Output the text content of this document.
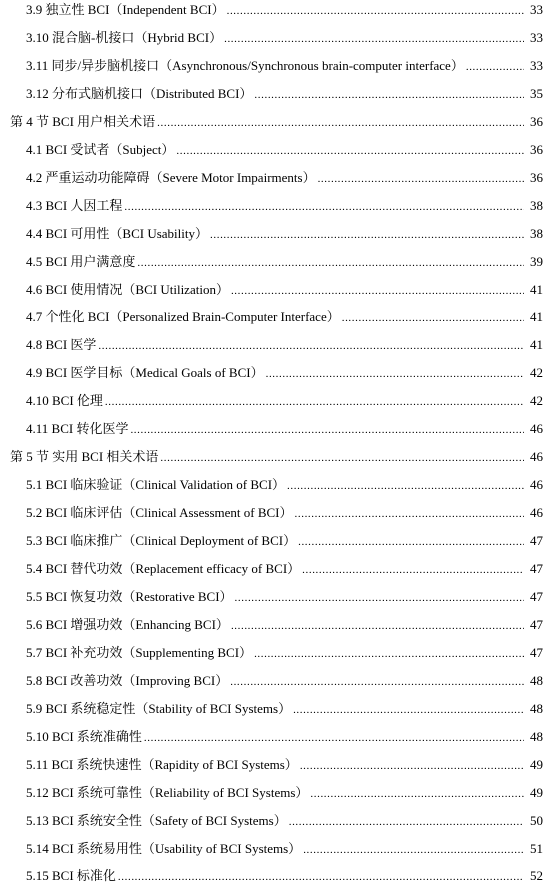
3.9 独立性 BCI（Independent BCI） .....	33
3.10 混合脑-机接口（Hybrid BCI） .....	33
3.11 同步/异步脑机接口（Asynchronous/Synchronous brain-computer interface） .....	33
3.12 分布式脑机接口（Distributed BCI） .....	35
第 4 节 BCI 用户相关术语 .....	36
4.1 BCI 受试者（Subject） .....	36
4.2 严重运动功能障碍（Severe Motor Impairments） .....	36
4.3 BCI 人因工程 .....	38
4.4 BCI 可用性（BCI Usability） .....	38
4.5 BCI 用户满意度 .....	39
4.6 BCI 使用情况（BCI Utilization） .....	41
4.7 个性化 BCI（Personalized Brain-Computer Interface） .....	41
4.8 BCI 医学 .....	41
4.9 BCI 医学目标（Medical Goals of BCI） .....	42
4.10 BCI 伦理 .....	42
4.11 BCI 转化医学 .....	46
第 5 节 实用 BCI 相关术语 .....	46
5.1 BCI 临床验证（Clinical Validation of BCI） .....	46
5.2 BCI 临床评估（Clinical Assessment of BCI） .....	46
5.3 BCI 临床推广（Clinical Deployment of BCI） .....	47
5.4 BCI 替代功效（Replacement efficacy of BCI） .....	47
5.5 BCI 恢复功效（Restorative BCI） .....	47
5.6 BCI 增强功效（Enhancing BCI） .....	47
5.7 BCI 补充功效（Supplementing BCI） .....	47
5.8 BCI 改善功效（Improving BCI） .....	48
5.9 BCI 系统稳定性（Stability of BCI Systems） .....	48
5.10 BCI 系统准确性 .....	48
5.11 BCI 系统快速性（Rapidity of BCI Systems） .....	49
5.12 BCI 系统可靠性（Reliability of BCI Systems） .....	49
5.13 BCI 系统安全性（Safety of BCI Systems） .....	50
5.14 BCI 系统易用性（Usability of BCI Systems） .....	51
5.15 BCI 标准化 .....	52
